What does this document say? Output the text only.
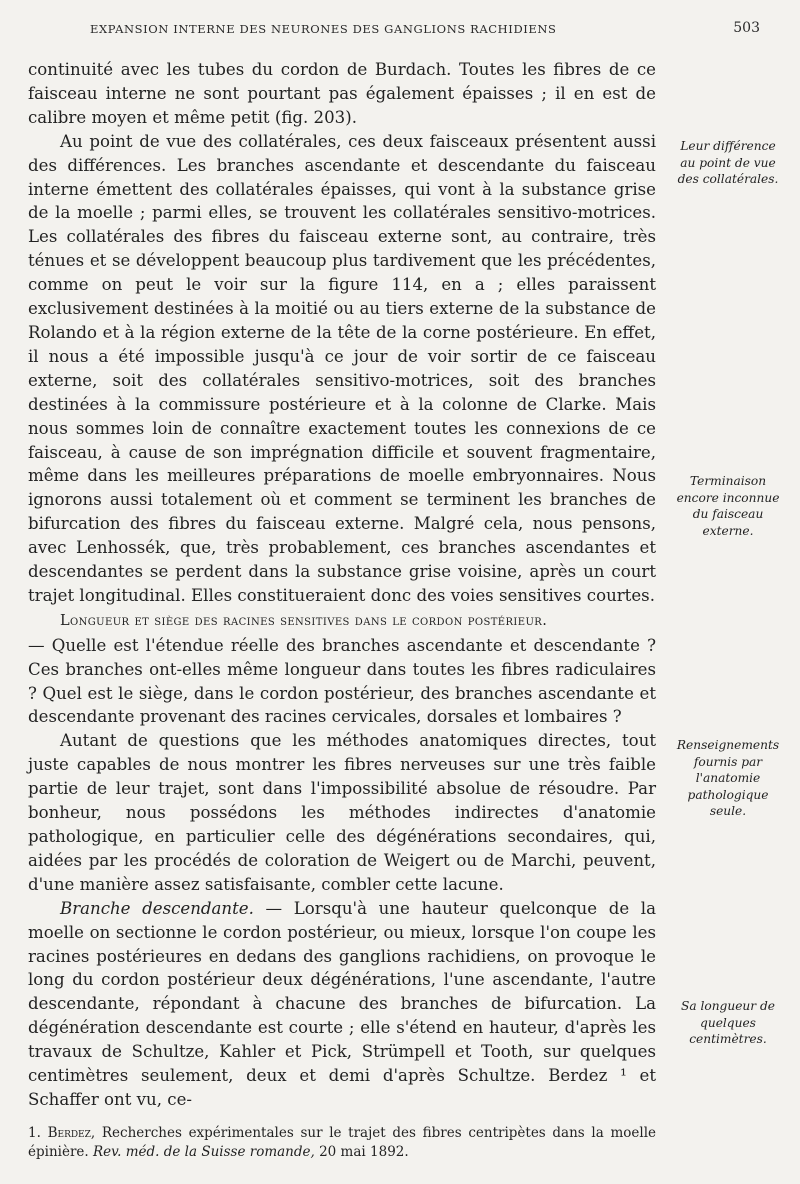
EXPANSION INTERNE DES NEURONES DES GANGLIONS RACHIDIENS	503

continuité avec les tubes du cordon de Burdach. Toutes les fibres de ce faisceau interne ne sont pourtant pas également épaisses ; il en est de calibre moyen et même petit (fig. 203).

Au point de vue des collatérales, ces deux faisceaux présentent aussi des différences. Les branches ascendante et descendante du faisceau interne émettent des collatérales épaisses, qui vont à la substance grise de la moelle ; parmi elles, se trouvent les collatérales sensitivo-motrices. Les collatérales des fibres du faisceau externe sont, au contraire, très ténues et se développent beaucoup plus tardivement que les précédentes, comme on peut le voir sur la figure 114, en a ; elles paraissent exclusivement destinées à la moitié ou au tiers externe de la substance de Rolando et à la région externe de la tête de la corne postérieure. En effet, il nous a été impossible jusqu'à ce jour de voir sortir de ce faisceau externe, soit des collatérales sensitivo-motrices, soit des branches destinées à la commissure postérieure et à la colonne de Clarke. Mais nous sommes loin de connaître exactement toutes les connexions de ce faisceau, à cause de son imprégnation difficile et souvent fragmentaire, même dans les meilleures préparations de moelle embryonnaires. Nous ignorons aussi totalement où et comment se terminent les branches de bifurcation des fibres du faisceau externe. Malgré cela, nous pensons, avec Lenhossék, que, très probablement, ces branches ascendantes et descendantes se perdent dans la substance grise voisine, après un court trajet longitudinal. Elles constitueraient donc des voies sensitives courtes.

Longueur et siège des racines sensitives dans le cordon postérieur.
— Quelle est l'étendue réelle des branches ascendante et descendante ? Ces branches ont-elles même longueur dans toutes les fibres radiculaires ? Quel est le siège, dans le cordon postérieur, des branches ascendante et descendante provenant des racines cervicales, dorsales et lombaires ?

Autant de questions que les méthodes anatomiques directes, tout juste capables de nous montrer les fibres nerveuses sur une très faible partie de leur trajet, sont dans l'impossibilité absolue de résoudre. Par bonheur, nous possédons les méthodes indirectes d'anatomie pathologique, en particulier celle des dégénérations secondaires, qui, aidées par les procédés de coloration de Weigert ou de Marchi, peuvent, d'une manière assez satisfaisante, combler cette lacune.

Branche descendante. — Lorsqu'à une hauteur quelconque de la moelle on sectionne le cordon postérieur, ou mieux, lorsque l'on coupe les racines postérieures en dedans des ganglions rachidiens, on provoque le long du cordon postérieur deux dégénérations, l'une ascendante, l'autre descendante, répondant à chacune des branches de bifurcation. La dégénération descendante est courte ; elle s'étend en hauteur, d'après les travaux de Schultze, Kahler et Pick, Strümpell et Tooth, sur quelques centimètres seulement, deux et demi d'après Schultze. Berdez ¹ et Schaffer ont vu, ce-

Leur différence au point de vue des collatérales.
Terminaison encore inconnue du faisceau externe.
Renseignements fournis par l'anatomie pathologique seule.
Sa longueur de quelques centimètres.
1. Berdez, Recherches expérimentales sur le trajet des fibres centripètes dans la moelle épinière. Rev. méd. de la Suisse romande, 20 mai 1892.
